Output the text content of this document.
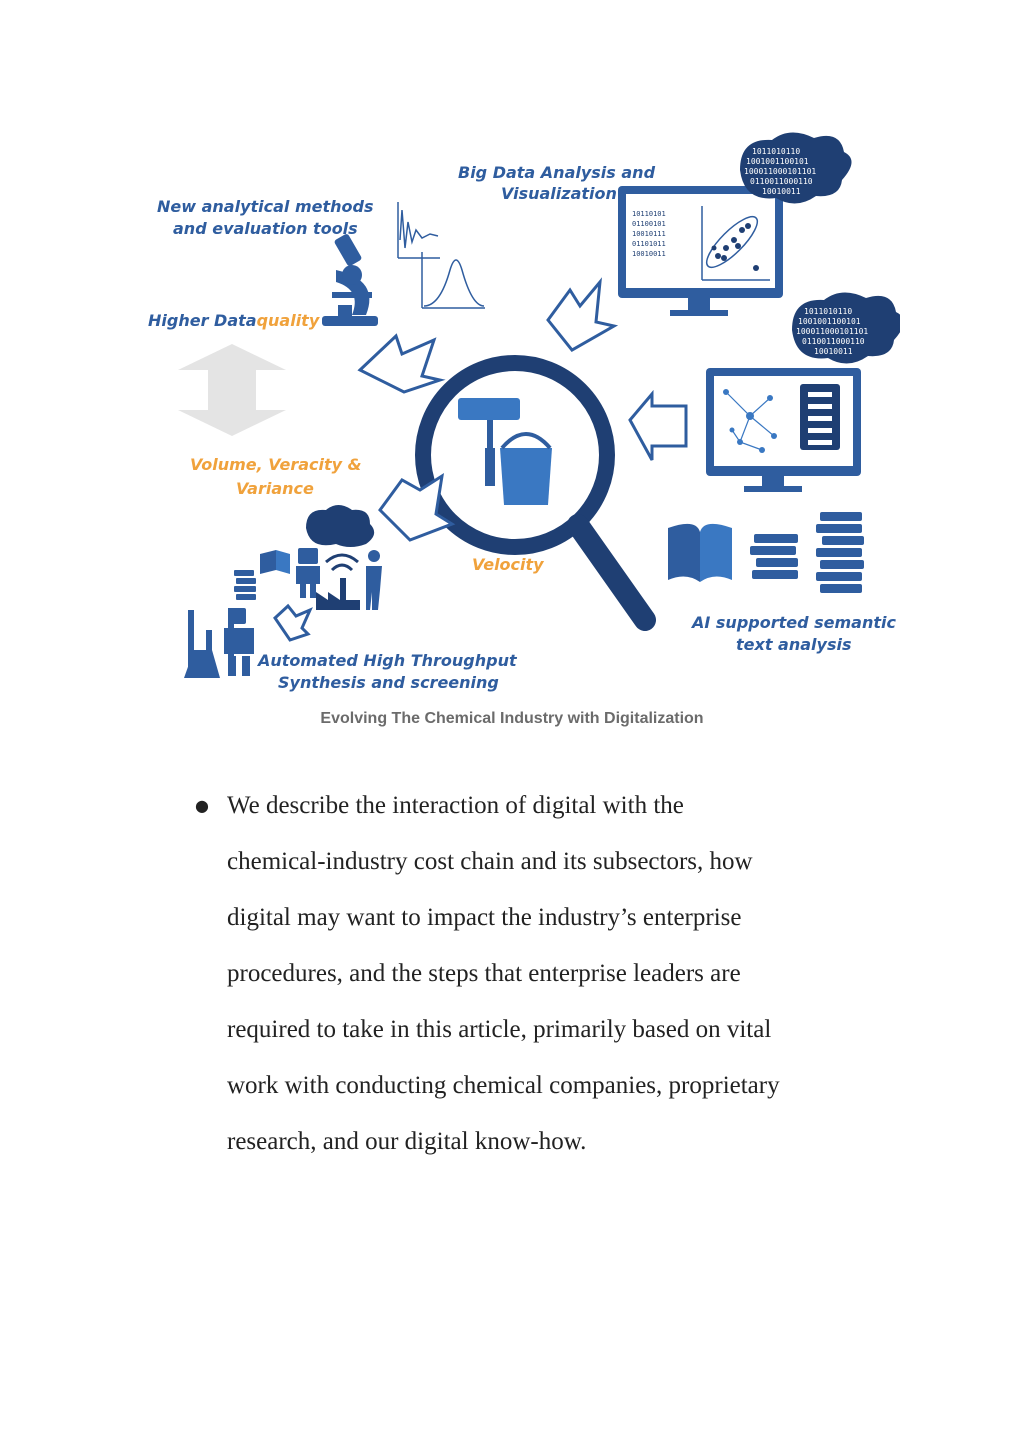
10110101
01100101
10010111
01101011
10010011
1011010110
1001001100101
100011000101101
0110011000110
10010011
1011010110
1001001100101
100011000101101
0110011000110
10010011
New analytical methods
and evaluation tools
Big Data Analysis and
Visualization
Higher Dataquality
Volume, Veracity &
Variance
Velocity
AI supported semantic
text analysis
Automated High Throughput
Synthesis and screening
Evolving The Chemical Industry with Digitalization
● We describe the interaction of digital with the
chemical-industry cost chain and its subsectors, how
digital may want to impact the industry’s enterprise
procedures, and the steps that enterprise leaders are
required to take in this article, primarily based on vital
work with conducting chemical companies, proprietary
research, and our digital know-how.
